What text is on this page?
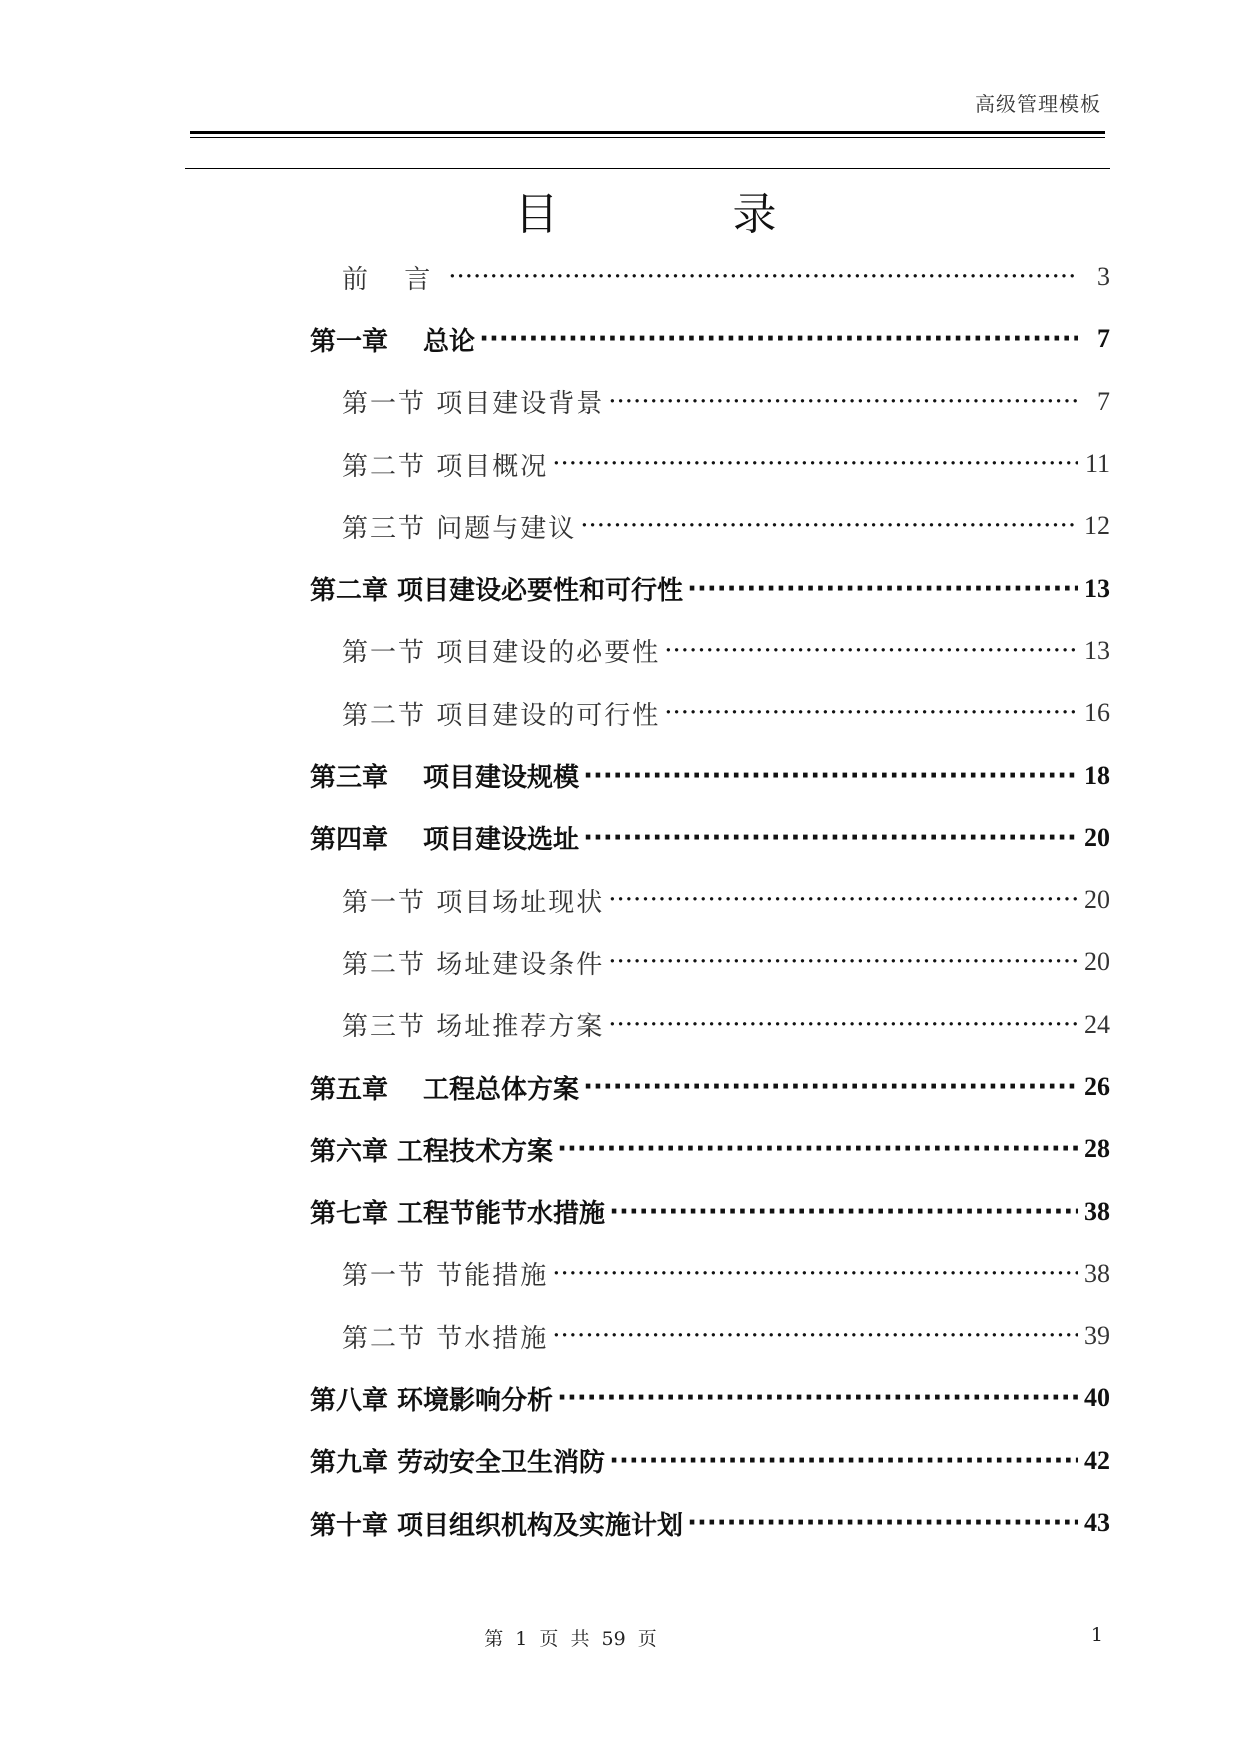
高级管理模板
目 录
前 言 ·····	3
第一章　 总论 ·····	7
第一节 项目建设背景 ·····	7
第二节 项目概况 ·····	11
第三节 问题与建议 ·····	12
第二章 项目建设必要性和可行性 ·····	13
第一节 项目建设的必要性 ·····	13
第二节 项目建设的可行性 ·····	16
第三章　 项目建设规模 ·····	18
第四章　 项目建设选址 ·····	20
第一节 项目场址现状 ·····	20
第二节 场址建设条件 ·····	20
第三节 场址推荐方案 ·····	24
第五章　 工程总体方案 ·····	26
第六章 工程技术方案 ·····	28
第七章 工程节能节水措施 ·····	38
第一节 节能措施 ·····	38
第二节 节水措施 ·····	39
第八章 环境影响分析 ·····	40
第九章 劳动安全卫生消防 ·····	42
第十章 项目组织机构及实施计划 ·····	43
第 1 页 共 59 页	1
